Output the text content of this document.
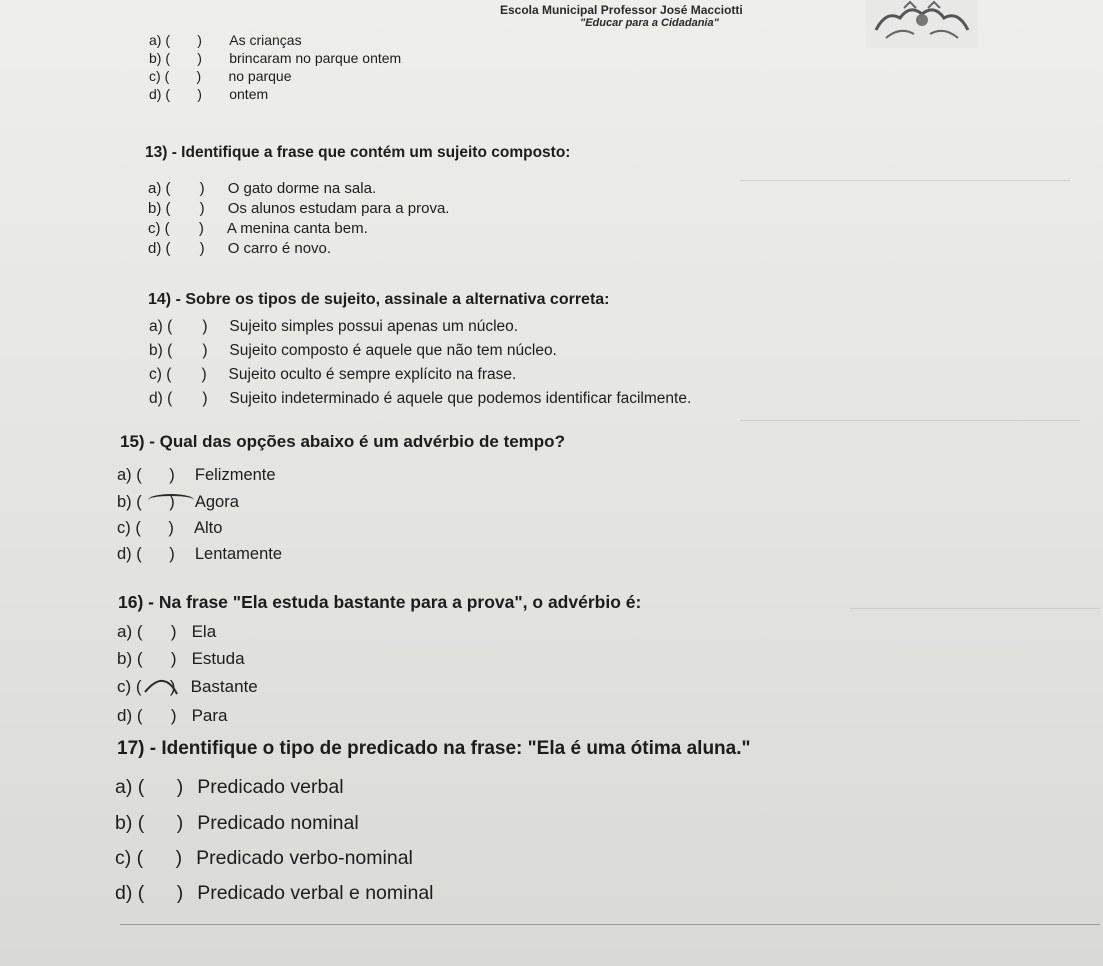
Escola Municipal Professor José Macciotti
"Educar para a Cidadania"
a) (       ) As crianças
b) (       ) brincaram no parque ontem
c) (       ) no parque
d) (       ) ontem
13) - Identifique a frase que contém um sujeito composto:
a) (       ) O gato dorme na sala.
b) (       ) Os alunos estudam para a prova.
c) (       ) A menina canta bem.
d) (       ) O carro é novo.
14) - Sobre os tipos de sujeito, assinale a alternativa correta:
a) (       ) Sujeito simples possui apenas um núcleo.
b) (       ) Sujeito composto é aquele que não tem núcleo.
c) (       ) Sujeito oculto é sempre explícito na frase.
d) (       ) Sujeito indeterminado é aquele que podemos identificar facilmente.
15) - Qual das opções abaixo é um advérbio de tempo?
a) (      ) Felizmente
b) (      ) Agora
c) (      ) Alto
d) (      ) Lentamente
16) - Na frase "Ela estuda bastante para a prova", o advérbio é:
a) (      ) Ela
b) (      ) Estuda
c) (      ) Bastante
d) (      ) Para
17) - Identifique o tipo de predicado na frase: "Ela é uma ótima aluna."
a) (      ) Predicado verbal
b) (      ) Predicado nominal
c) (      ) Predicado verbo-nominal
d) (      ) Predicado verbal e nominal
